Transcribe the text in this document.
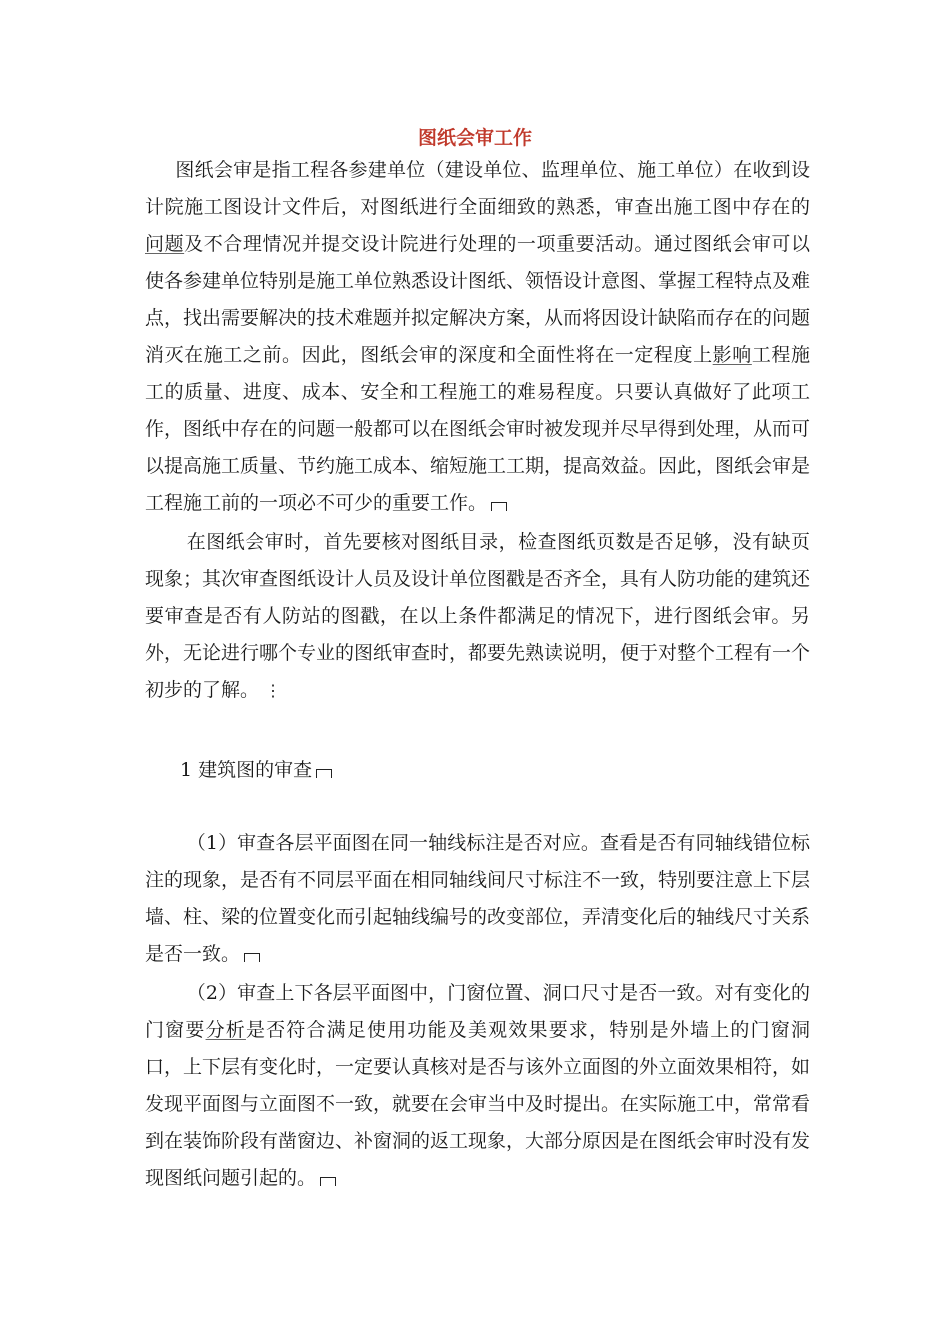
图纸会审工作

图纸会审是指工程各参建单位（建设单位、监理单位、施工单位）在收到设计院施工图设计文件后，对图纸进行全面细致的熟悉，审查出施工图中存在的问题及不合理情况并提交设计院进行处理的一项重要活动。通过图纸会审可以使各参建单位特别是施工单位熟悉设计图纸、领悟设计意图、掌握工程特点及难点，找出需要解决的技术难题并拟定解决方案，从而将因设计缺陷而存在的问题消灭在施工之前。因此，图纸会审的深度和全面性将在一定程度上影响工程施工的质量、进度、成本、安全和工程施工的难易程度。只要认真做好了此项工作，图纸中存在的问题一般都可以在图纸会审时被发现并尽早得到处理，从而可以提高施工质量、节约施工成本、缩短施工工期，提高效益。因此，图纸会审是工程施工前的一项必不可少的重要工作。

在图纸会审时，首先要核对图纸目录，检查图纸页数是否足够，没有缺页现象；其次审查图纸设计人员及设计单位图戳是否齐全，具有人防功能的建筑还要审查是否有人防站的图戳，在以上条件都满足的情况下，进行图纸会审。另外，无论进行哪个专业的图纸审查时，都要先熟读说明，便于对整个工程有一个初步的了解。 ⋮

1 建筑图的审查

（1）审查各层平面图在同一轴线标注是否对应。查看是否有同轴线错位标注的现象，是否有不同层平面在相同轴线间尺寸标注不一致，特别要注意上下层墙、柱、梁的位置变化而引起轴线编号的改变部位，弄清变化后的轴线尺寸关系是否一致。

（2）审查上下各层平面图中，门窗位置、洞口尺寸是否一致。对有变化的门窗要分析是否符合满足使用功能及美观效果要求，特别是外墙上的门窗洞口，上下层有变化时，一定要认真核对是否与该外立面图的外立面效果相符，如发现平面图与立面图不一致，就要在会审当中及时提出。在实际施工中，常常看到在装饰阶段有凿窗边、补窗洞的返工现象，大部分原因是在图纸会审时没有发现图纸问题引起的。
